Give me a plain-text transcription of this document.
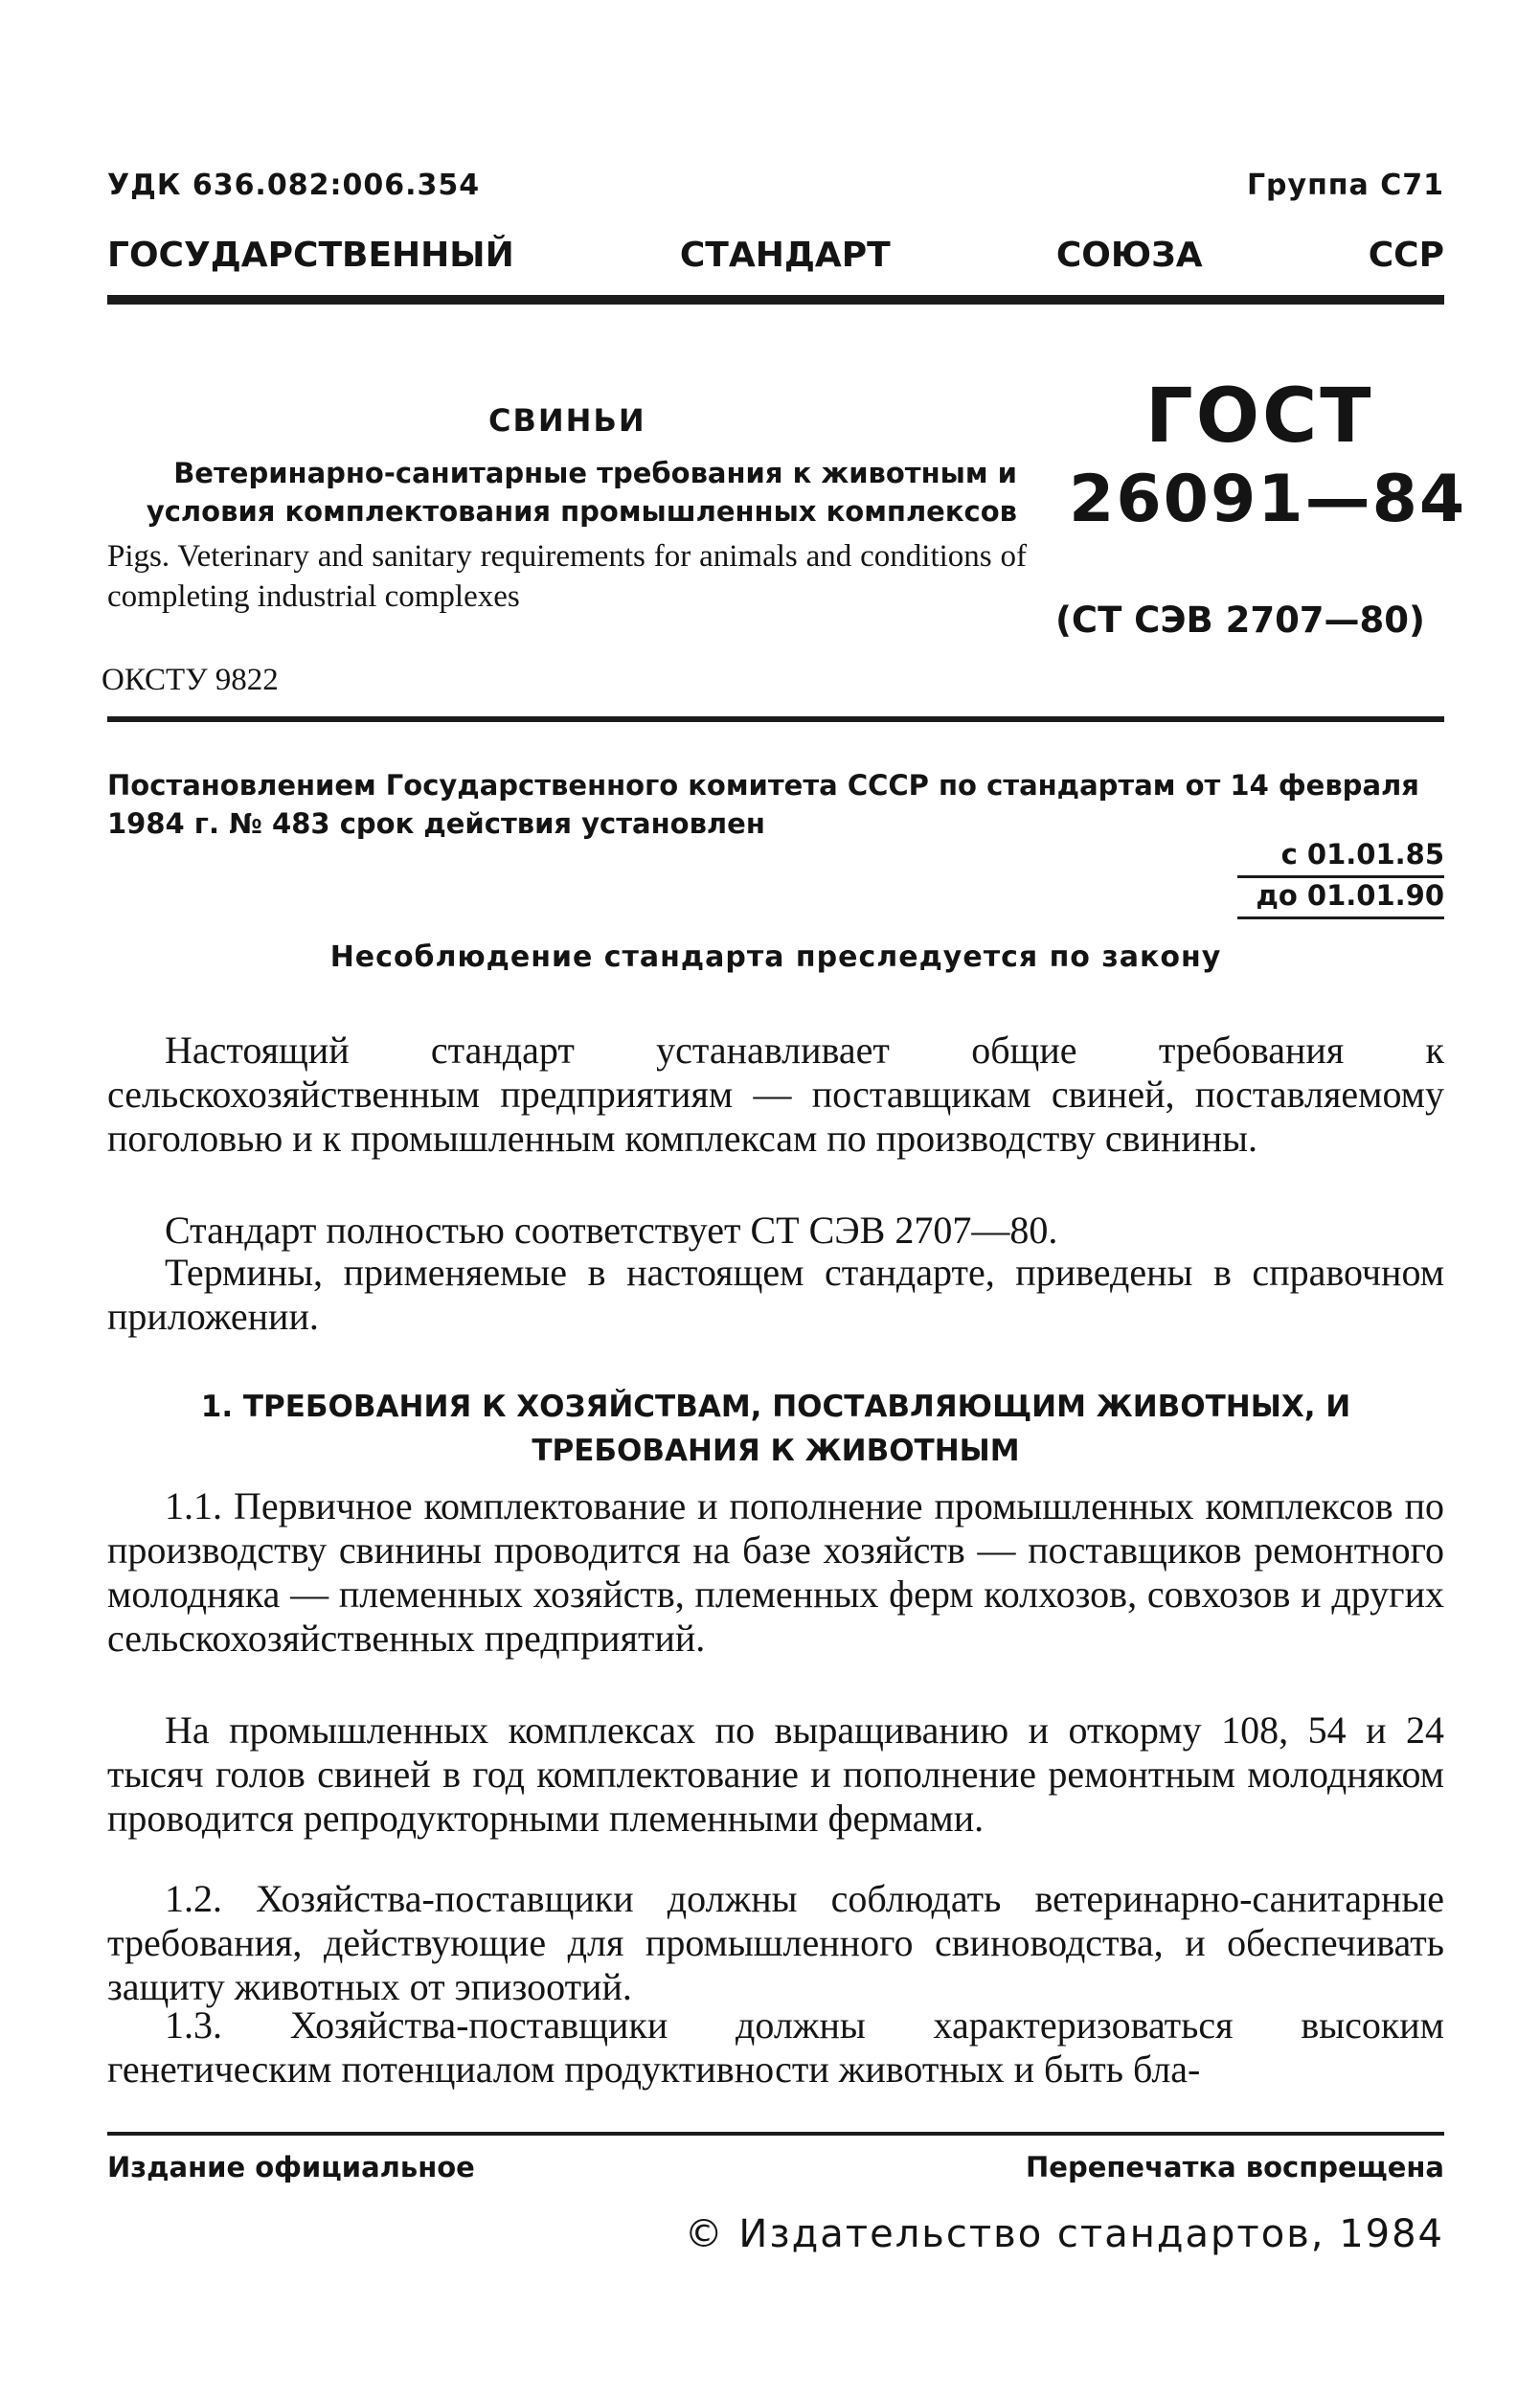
УДК 636.082:006.354	Группа С71
ГОСУДАРСТВЕННЫЙ	СТАНДАРТ	СОЮЗА	ССР
СВИНЬИ
Ветеринарно-санитарные требования к животным и условия комплектования промышленных комплексов
Pigs. Veterinary and sanitary requirements for animals and conditions of completing industrial complexes
ГОСТ
26091—84
(СТ СЭВ 2707—80)
ОКСТУ 9822
Постановлением Государственного комитета СССР по стандартам от 14 февраля 1984 г. № 483 срок действия установлен
с 01.01.85
до 01.01.90
Несоблюдение стандарта преследуется по закону
Настоящий стандарт устанавливает общие требования к сельскохозяйственным предприятиям — поставщикам свиней, поставляемому поголовью и к промышленным комплексам по производству свинины.
Стандарт полностью соответствует СТ СЭВ 2707—80.
Термины, применяемые в настоящем стандарте, приведены в справочном приложении.
1. ТРЕБОВАНИЯ К ХОЗЯЙСТВАМ, ПОСТАВЛЯЮЩИМ ЖИВОТНЫХ, И ТРЕБОВАНИЯ К ЖИВОТНЫМ
1.1. Первичное комплектование и пополнение промышленных комплексов по производству свинины проводится на базе хозяйств — поставщиков ремонтного молодняка — племенных хозяйств, племенных ферм колхозов, совхозов и других сельскохозяйственных предприятий.
На промышленных комплексах по выращиванию и откорму 108, 54 и 24 тысяч голов свиней в год комплектование и пополнение ремонтным молодняком проводится репродукторными племенными фермами.
1.2. Хозяйства-поставщики должны соблюдать ветеринарно-санитарные требования, действующие для промышленного свиноводства, и обеспечивать защиту животных от эпизоотий.
1.3. Хозяйства-поставщики должны характеризоваться высоким генетическим потенциалом продуктивности животных и быть бла-
Издание официальное	Перепечатка воспрещена
© Издательство стандартов, 1984
